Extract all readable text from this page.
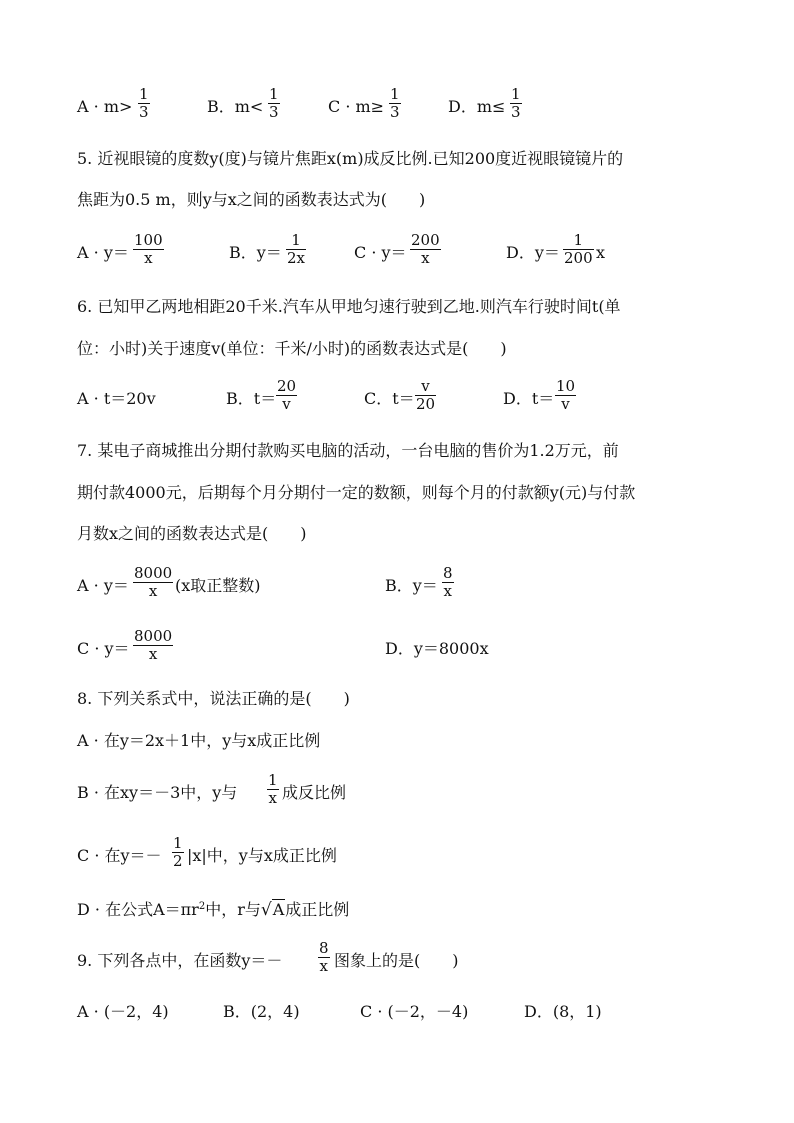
$A \cdot m> \frac{1}{3}$	B．$m< \frac{1}{3}$	$C \cdot m\ge \frac{1}{3}$	D．$m\le \frac{1}{3}$
5. 近视眼镜的度数y(度)与镜片焦距x(m)成反比例.已知200度近视眼镜镜片的
焦距为0.5 m，则y与x之间的函数表达式为(　　)
$A \cdot y= \frac{100}{x}$	B．$y= \frac{1}{2x}$	$C \cdot y= \frac{200}{x}$	D．$y= \frac{1}{200}$ x
6. 已知甲乙两地相距20千米.汽车从甲地匀速行驶到乙地.则汽车行驶时间t(单
位：小时)关于速度v(单位：千米/小时)的函数表达式是(　　)
A · t＝20v	B．$t= \frac{20}{v}$	C．$t= \frac{v}{20}$	D．$t= \frac{10}{v}$
7. 某电子商城推出分期付款购买电脑的活动，一台电脑的售价为1.2万元，前
期付款4000元，后期每个月分期付一定的数额，则每个月的付款额y(元)与付款
月数x之间的函数表达式是(　　)
$A \cdot y= \frac{8000}{x} (x$取正整数)	B．$y= \frac{8}{x}$
$C \cdot y= \frac{8000}{x}$	D．y＝8000x
8. 下列关系式中，说法正确的是(　　)
A · 在y＝2x＋1中，y与x成正比例
B · 在xy＝－3中，y与 $\frac{1}{x}$ 成反比例
C · 在$y=- \frac{1}{2} |x|$中，y与x成正比例
D · 在公式$A=\pi r^2$中，r与√A成正比例
9. 下列各点中，在函数$y=- \frac{8}{x}$ 图象上的是(　　)
A · (－2，4)	B．(2，4)	C · (－2，－4)	D．(8，1)
